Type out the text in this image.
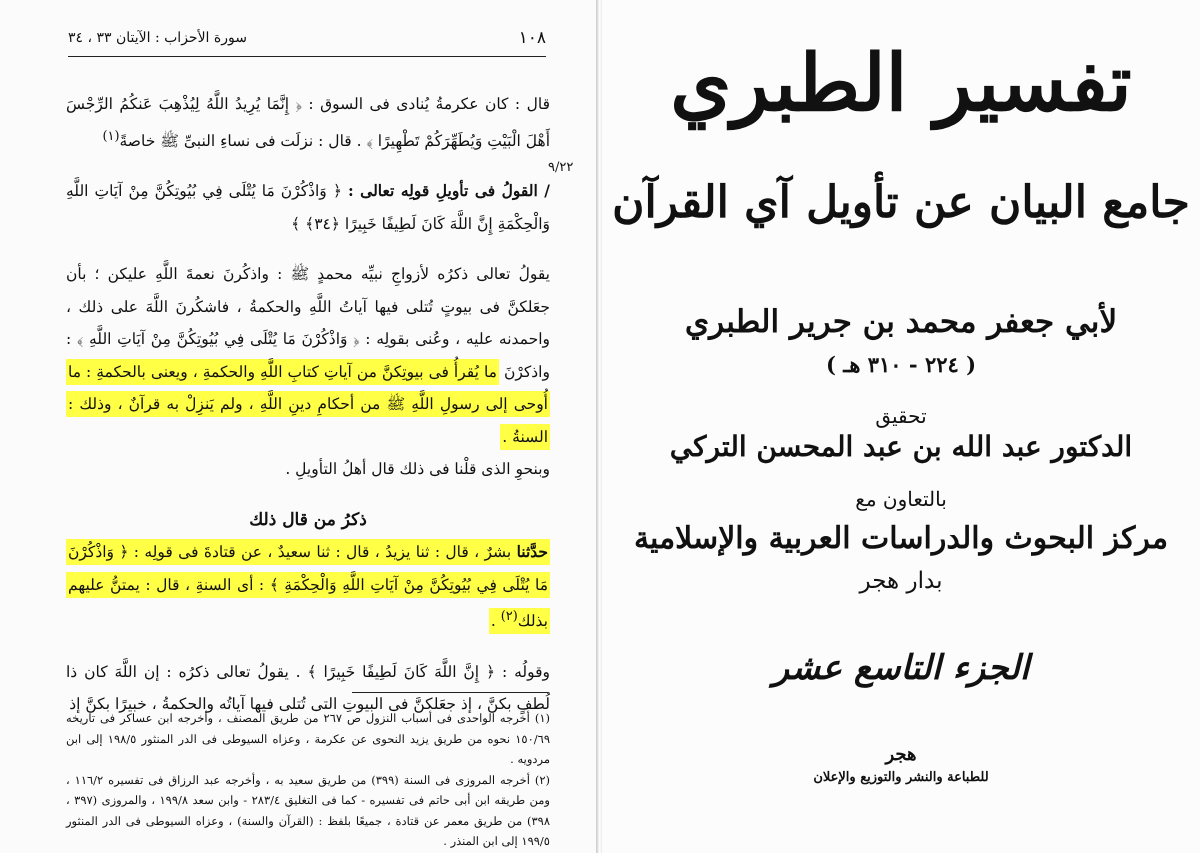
١٠٨
سورة الأحزاب : الآيتان ٣٣ ، ٣٤
٩/٢٢

قال : كان عكرمةُ يُنادى فى السوق : ﴿ إِنَّمَا يُرِيدُ اللَّهُ لِيُذْهِبَ عَنكُمُ الرِّجْسَ أَهْلَ الْبَيْتِ وَيُطَهِّرَكُمْ تَطْهِيرًا ﴾ . قال : نزلَت فى نساءِ النبىِّ ﷺ خاصةً$^{(١)}$

/ القولُ فى تأويلِ قولِه تعالى : ﴿ وَاذْكُرْنَ مَا يُتْلَى فِي بُيُوتِكُنَّ مِنْ آيَاتِ اللَّهِ وَالْحِكْمَةِ إِنَّ اللَّهَ كَانَ لَطِيفًا خَبِيرًا ﴿٣٤﴾ ﴾

يقولُ تعالى ذكرُه لأزواجِ نبيِّه محمدٍ ﷺ : واذكُرنَ نعمةَ اللَّهِ عليكن ؛ بأن جعَلكنَّ فى بيوتٍ تُتلى فيها آياتُ اللَّهِ والحكمةُ ، فاشكُرنَ اللَّهَ على ذلك ، واحمدنه عليه ، وعُنى بقولِه : ﴿ وَاذْكُرْنَ مَا يُتْلَى فِي بُيُوتِكُنَّ مِنْ آيَاتِ اللَّهِ ﴾ : واذكرْنَ ما يُقرأُ فى بيوتِكنَّ من آياتِ كتابِ اللَّهِ والحكمةِ ، ويعنى بالحكمةِ : ما أُوحى إلى رسولِ اللَّهِ ﷺ من أحكامِ دينِ اللَّهِ ، ولم يَنزِلْ به قرآنٌ ، وذلك : السنةُ .

وبنحوِ الذى قلْنا فى ذلك قال أهلُ التأويلِ .

ذكرُ من قال ذلك

حدَّثنا بشرٌ ، قال : ثنا يزيدُ ، قال : ثنا سعيدٌ ، عن قتادةَ فى قولِه : ﴿ وَاذْكُرْنَ مَا يُتْلَى فِي بُيُوتِكُنَّ مِنْ آيَاتِ اللَّهِ وَالْحِكْمَةِ ﴾ : أى السنةِ ، قال : يمتنُّ عليهم بذلك$^{(٢)}$ .

وقولُه : ﴿ إِنَّ اللَّهَ كَانَ لَطِيفًا خَبِيرًا ﴾ . يقولُ تعالى ذكرُه : إن اللَّهَ كان ذا لُطفٍ بكنَّ ، إذ جعَلكنَّ فى البيوتِ التى تُتلى فيها آياتُه والحكمةُ ، خبيرًا بكنَّ إذ

(١) أخرجه الواحدى فى أسباب النزول ص ٢٦٧ من طريق المصنف ، وأخرجه ابن عساكر فى تاريخه ١٥٠/٦٩ نحوه من طريق يزيد النحوى عن عكرمة ، وعزاه السيوطى فى الدر المنثور ١٩٨/٥ إلى ابن مردويه .

(٢) أخرجه المروزى فى السنة (٣٩٩) من طريق سعيد به ، وأخرجه عبد الرزاق فى تفسيره ١١٦/٢ ، ومن طريقه ابن أبى حاتم فى تفسيره - كما فى التغليق ٢٨٣/٤ - وابن سعد ١٩٩/٨ ، والمروزى (٣٩٧ ، ٣٩٨) من طريق معمر عن قتادة ، جميعًا بلفظ : (القرآن والسنة) ، وعزاه السيوطى فى الدر المنثور ١٩٩/٥ إلى ابن المنذر .

تفسير الطبري
جامع البيان عن تأويل آي القرآن
لأبي جعفر محمد بن جرير الطبري
( ٢٢٤ - ٣١٠ هـ )
تحقيق
الدكتور عبد الله بن عبد المحسن التركي
بالتعاون مع
مركز البحوث والدراسات العربية والإسلامية
بدار هجر
الجزء التاسع عشر
هجر
للطباعة والنشر والتوزيع والإعلان
